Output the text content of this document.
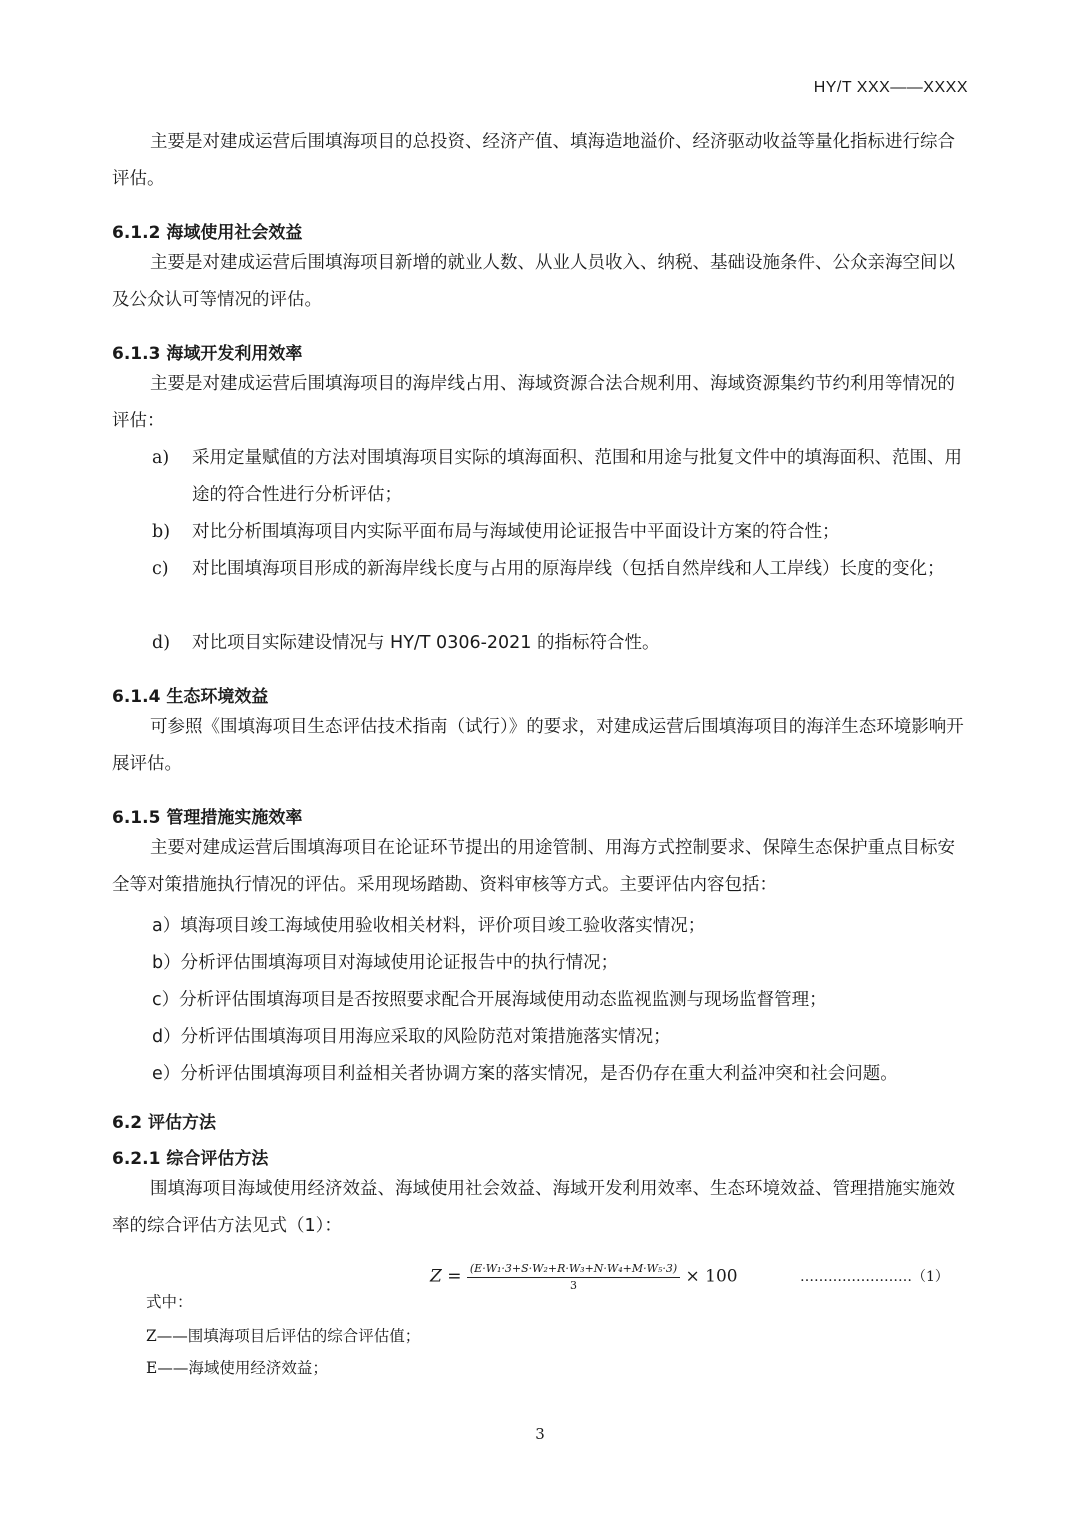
HY/T XXX——XXXX
主要是对建成运营后围填海项目的总投资、经济产值、填海造地溢价、经济驱动收益等量化指标进行综合评估。
6.1.2 海域使用社会效益
主要是对建成运营后围填海项目新增的就业人数、从业人员收入、纳税、基础设施条件、公众亲海空间以及公众认可等情况的评估。
6.1.3 海域开发利用效率
主要是对建成运营后围填海项目的海岸线占用、海域资源合法合规利用、海域资源集约节约利用等情况的评估：
a) 采用定量赋值的方法对围填海项目实际的填海面积、范围和用途与批复文件中的填海面积、范围、用途的符合性进行分析评估；
b) 对比分析围填海项目内实际平面布局与海域使用论证报告中平面设计方案的符合性；
c) 对比围填海项目形成的新海岸线长度与占用的原海岸线（包括自然岸线和人工岸线）长度的变化；
d) 对比项目实际建设情况与 HY/T 0306-2021 的指标符合性。
6.1.4 生态环境效益
可参照《围填海项目生态评估技术指南（试行）》的要求，对建成运营后围填海项目的海洋生态环境影响开展评估。
6.1.5 管理措施实施效率
主要对建成运营后围填海项目在论证环节提出的用途管制、用海方式控制要求、保障生态保护重点目标安全等对策措施执行情况的评估。采用现场踏勘、资料审核等方式。主要评估内容包括：
a）填海项目竣工海域使用验收相关材料，评价项目竣工验收落实情况；
b）分析评估围填海项目对海域使用论证报告中的执行情况；
c）分析评估围填海项目是否按照要求配合开展海域使用动态监视监测与现场监督管理；
d）分析评估围填海项目用海应采取的风险防范对策措施落实情况；
e）分析评估围填海项目利益相关者协调方案的落实情况，是否仍存在重大利益冲突和社会问题。
6.2 评估方法
6.2.1 综合评估方法
围填海项目海域使用经济效益、海域使用社会效益、海域开发利用效率、生态环境效益、管理措施实施效率的综合评估方法见式（1）：
$Z = \frac{\text{(E·W₁·3+S·W₂+R·W₃+N·W₄+M·W₅·3)}}{3} \times 100$	……………………（1）
式中：
Z——围填海项目后评估的综合评估值；
E——海域使用经济效益；
3
